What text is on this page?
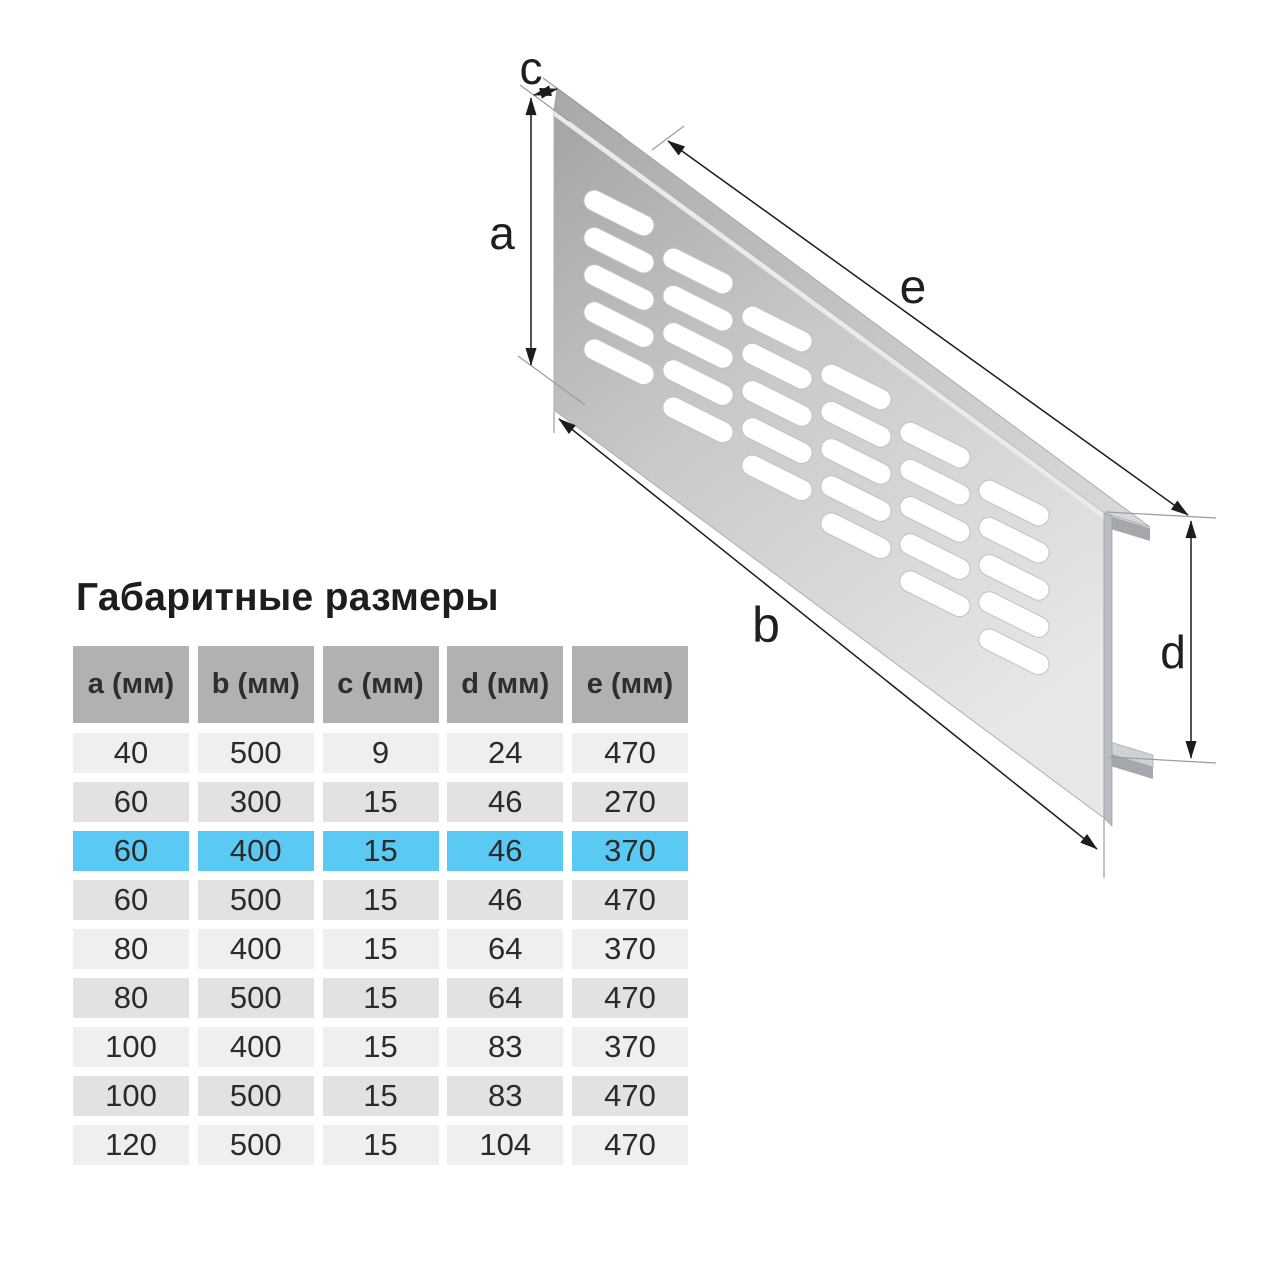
c
a
e
b	d
Габаритные размеры
a (мм)	b (мм)	c (мм)	d (мм)	e (мм)
40	500	9	24	470
60	300	15	46	270
60	400	15	46	370
60	500	15	46	470
80	400	15	64	370
80	500	15	64	470
100	400	15	83	370
100	500	15	83	470
120	500	15	104	470
